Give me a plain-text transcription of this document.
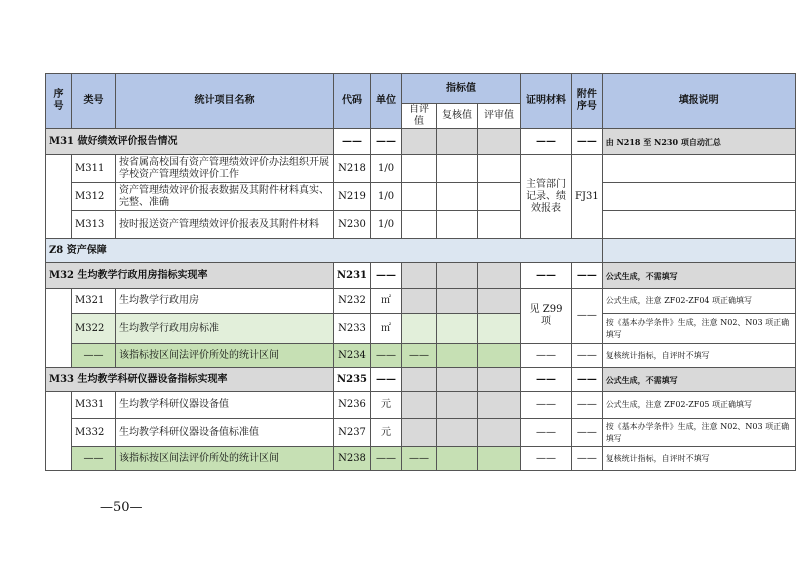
序号	类号	统计项目名称	代码	单位	指标值			证明材料	附件序号	填报说明
					自评值	复核值	评审值			
M31 做好绩效评价报告情况			——	——				——	——	由 N218 至 N230 项自动汇总
	M311	按省属高校国有资产管理绩效评价办法组织开展学校资产管理绩效评价工作	N218	1/0				主管部门记录、绩效报表	FJ31	
	M312	资产管理绩效评价报表数据及其附件材料真实、完整、准确	N219	1/0						
	M313	按时报送资产管理绩效评价报表及其附件材料	N230	1/0						
Z8 资产保障										
M32 生均教学行政用房指标实现率			N231	——				——	——	公式生成，不需填写
	M321	生均教学行政用房	N232	㎡				见 Z99 项	——	公式生成，注意 ZF02-ZF04 项正确填写
	M322	生均教学行政用房标准	N233	㎡						按《基本办学条件》生成，注意 N02、N03 项正确填写
	——	该指标按区间法评价所处的统计区间	N234	——	——			——	——	复核统计指标，自评时不填写
M33 生均教学科研仪器设备指标实现率			N235	——				——	——	公式生成，不需填写
	M331	生均教学科研仪器设备值	N236	元				——	——	公式生成，注意 ZF02-ZF05 项正确填写
	M332	生均教学科研仪器设备值标准值	N237	元				——	——	按《基本办学条件》生成，注意 N02、N03 项正确填写
	——	该指标按区间法评价所处的统计区间	N238	——	——			——	——	复核统计指标，自评时不填写
—50—
